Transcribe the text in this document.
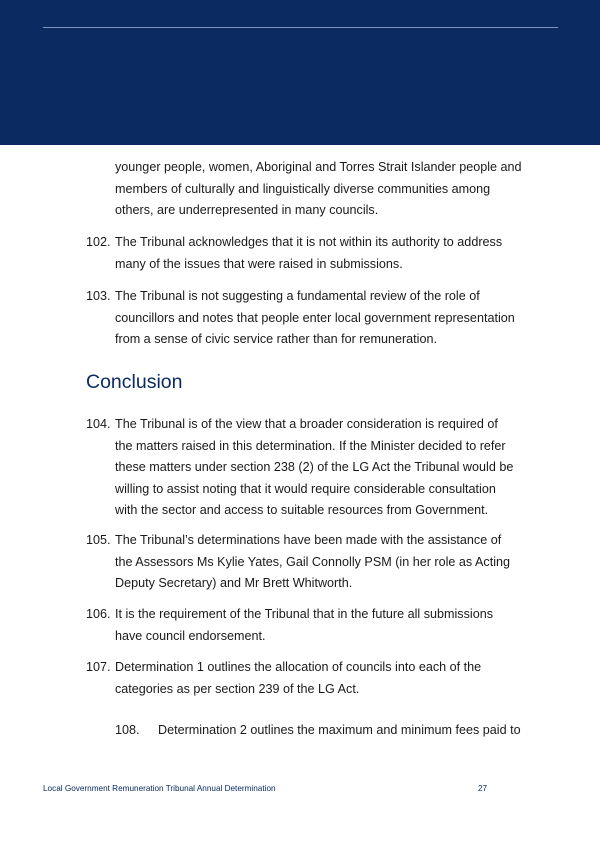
younger people, women, Aboriginal and Torres Strait Islander people and members of culturally and linguistically diverse communities among others, are underrepresented in many councils.
102. The Tribunal acknowledges that it is not within its authority to address many of the issues that were raised in submissions.
103. The Tribunal is not suggesting a fundamental review of the role of councillors and notes that people enter local government representation from a sense of civic service rather than for remuneration.
Conclusion
104. The Tribunal is of the view that a broader consideration is required of the matters raised in this determination. If the Minister decided to refer these matters under section 238 (2) of the LG Act the Tribunal would be willing to assist noting that it would require considerable consultation with the sector and access to suitable resources from Government.
105. The Tribunal’s determinations have been made with the assistance of the Assessors Ms Kylie Yates, Gail Connolly PSM (in her role as Acting Deputy Secretary) and Mr Brett Whitworth.
106. It is the requirement of the Tribunal that in the future all submissions have council endorsement.
107. Determination 1 outlines the allocation of councils into each of the categories as per section 239 of the LG Act.
108. Determination 2 outlines the maximum and minimum fees paid to
Local Government Remuneration Tribunal Annual Determination	27
